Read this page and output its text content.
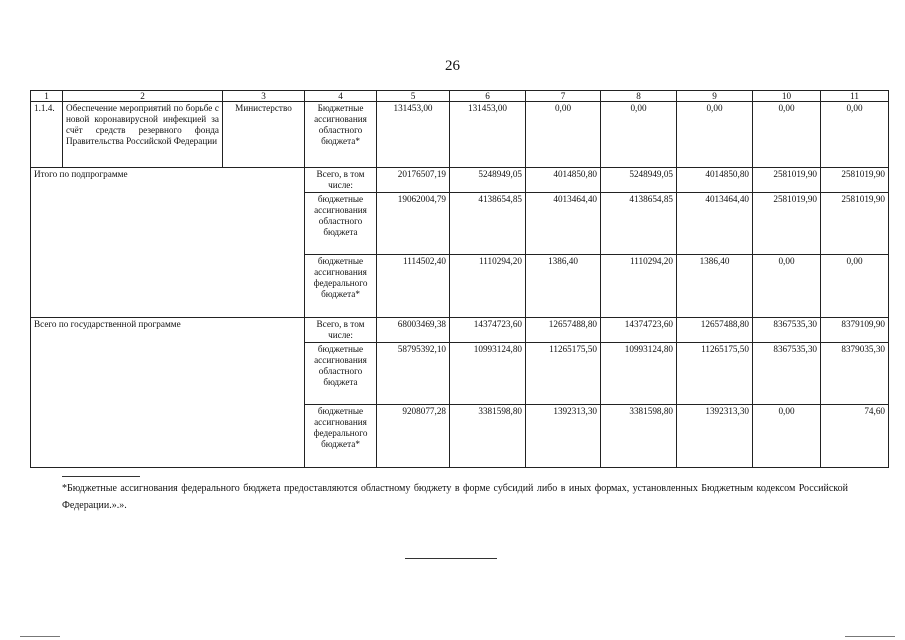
26
1	2	3	4	5	6	7	8	9	10	11
1.1.4.	Обеспечение мероприятий по борьбе с новой коронавирусной инфекцией за счёт средств резервного фонда Правительства Российской Федерации	Министерство	Бюджетные ассигнования областного бюджета*	131453,00	131453,00	0,00	0,00	0,00	0,00	0,00
Итого по подпрограмме			Всего, в том числе:	20176507,19	5248949,05	4014850,80	5248949,05	4014850,80	2581019,90	2581019,90
			бюджетные ассигнования областного бюджета	19062004,79	4138654,85	4013464,40	4138654,85	4013464,40	2581019,90	2581019,90
			бюджетные ассигнования федерального бюджета*	1114502,40	1110294,20	1386,40	1110294,20	1386,40	0,00	0,00
Всего по государственной программе			Всего, в том числе:	68003469,38	14374723,60	12657488,80	14374723,60	12657488,80	8367535,30	8379109,90
			бюджетные ассигнования областного бюджета	58795392,10	10993124,80	11265175,50	10993124,80	11265175,50	8367535,30	8379035,30
			бюджетные ассигнования федерального бюджета*	9208077,28	3381598,80	1392313,30	3381598,80	1392313,30	0,00	74,60
*Бюджетные ассигнования федерального бюджета предоставляются областному бюджету в форме субсидий либо в иных формах, установленных Бюджетным кодексом Российской Федерации.».».
